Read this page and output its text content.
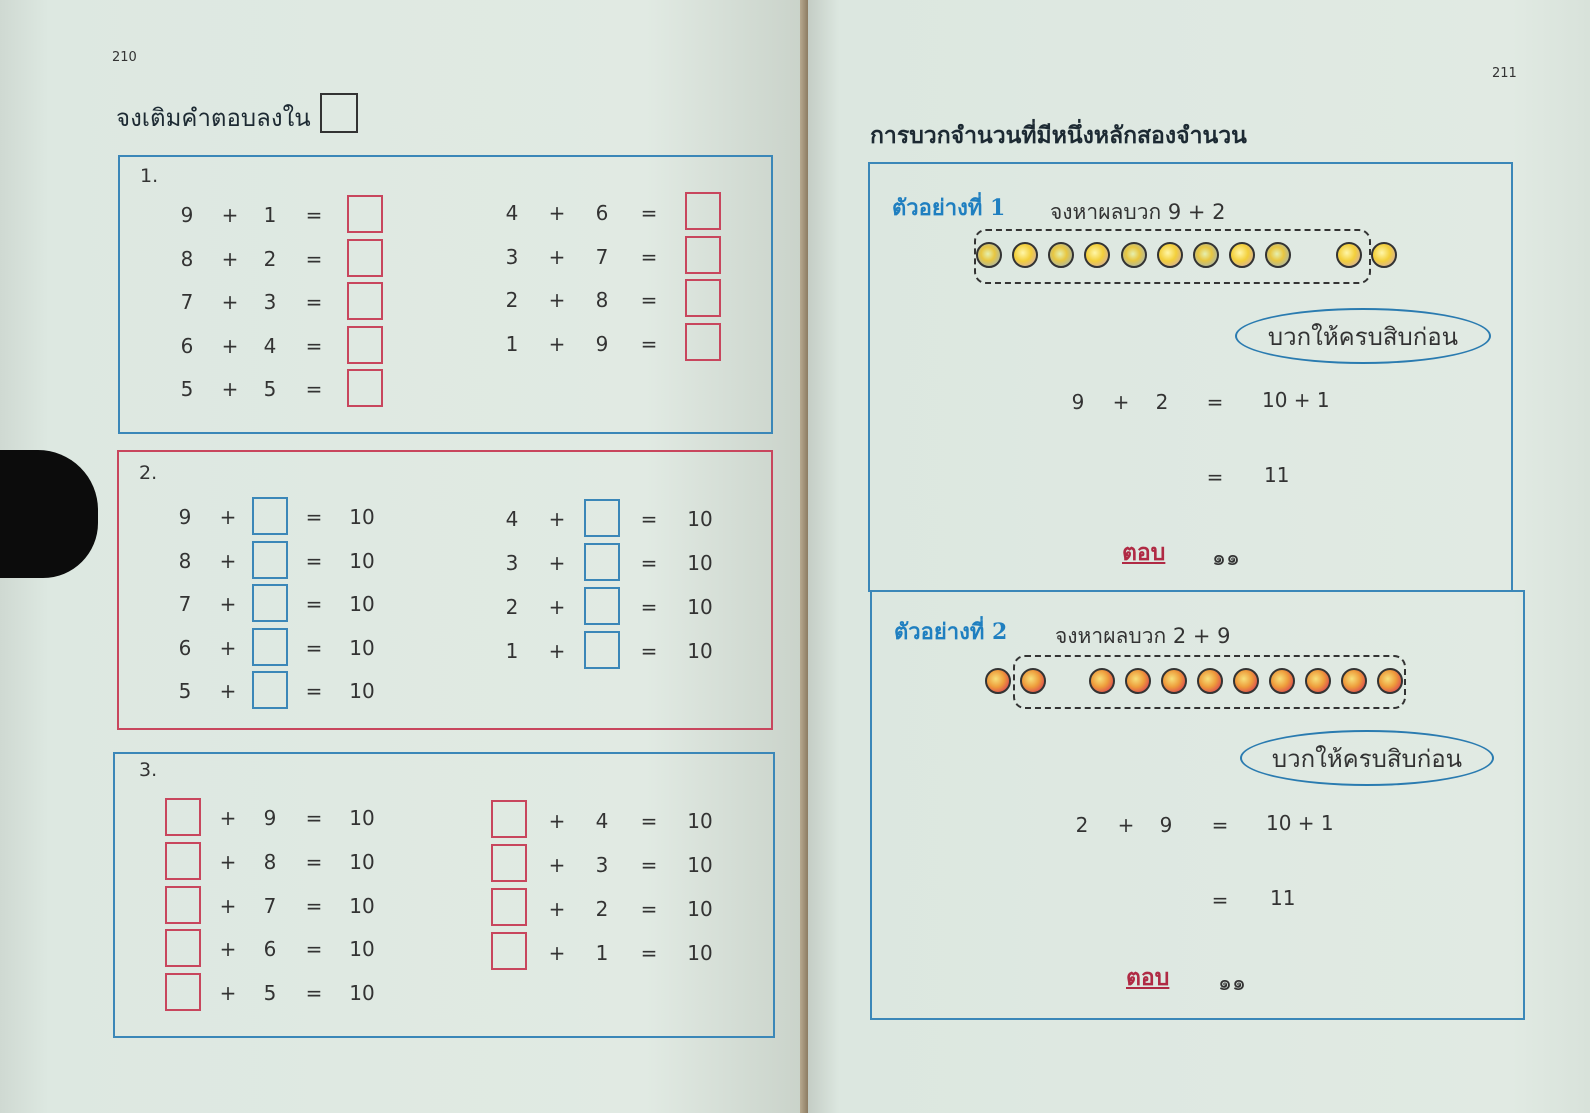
210
จงเติมคำตอบลงใน
1.
2.
3.
9 + 1 =
8 + 2 =
7 + 3 =
6 + 4 =
5 + 5 =
4 + 6 =
3 + 7 =
2 + 8 =
1 + 9 =
9 +	=	10
8 +	=	10
7 +	=	10
6 +	=	10
5 +	=	10
4 +	=	10
3 +	=	10
2 +	=	10
1 +	=	10
+ 9 =	10
+ 8 =	10
+ 7 =	10
+ 6 =	10
+ 5 =	10
+ 4 =	10
+ 3 =	10
+ 2 =	10
+ 1 =	10
211
การบวกจำนวนที่มีหนึ่งหลักสองจำนวน
ตัวอย่างที่ 1 จงหาผลบวก 9 + 2
บวกให้ครบสิบก่อน
9 + 2 = 10 + 1
= 11
ตอบ ๑๑
ตัวอย่างที่ 2 จงหาผลบวก 2 + 9
บวกให้ครบสิบก่อน
2 + 9 = 10 + 1
= 11
ตอบ ๑๑
